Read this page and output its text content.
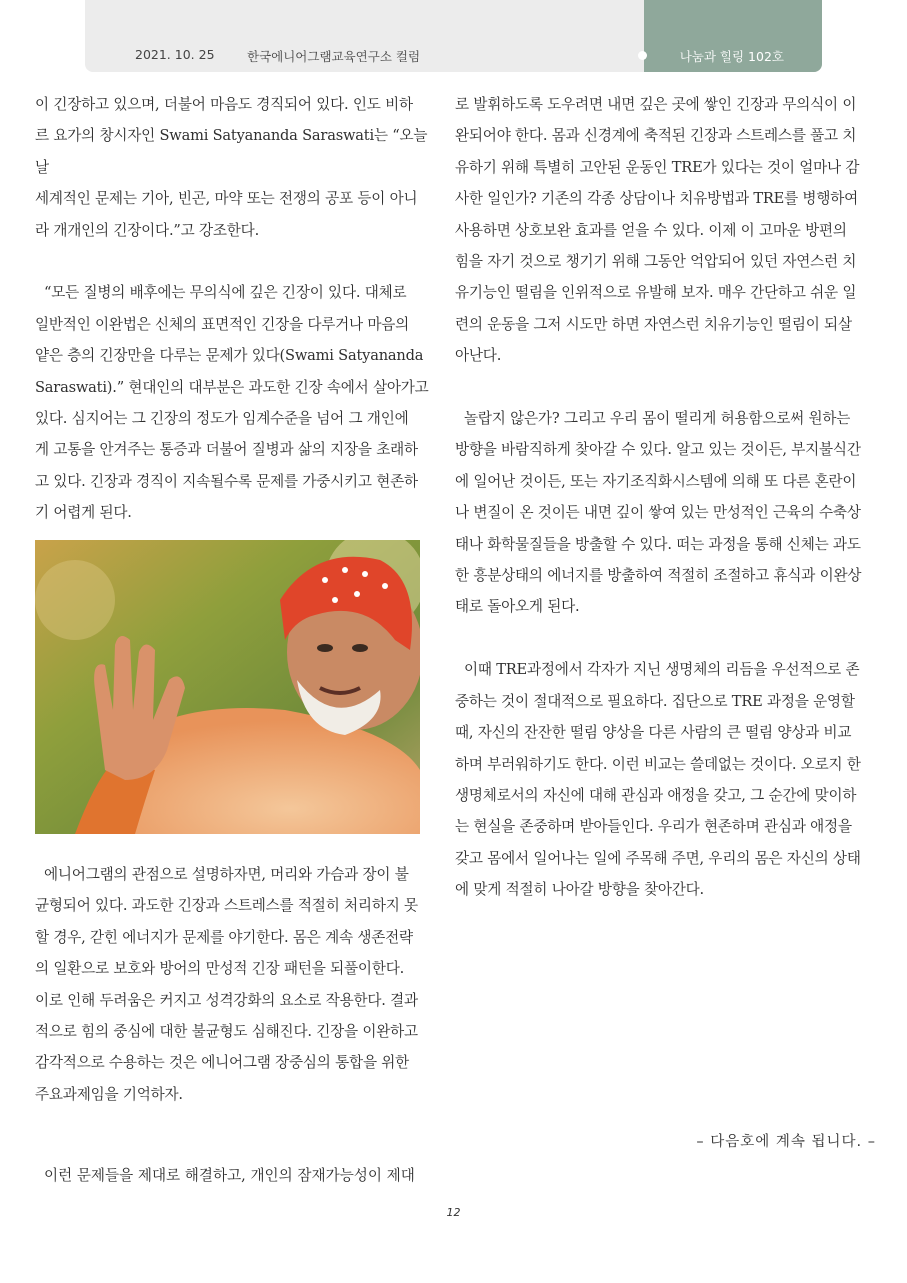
2021. 10. 25	한국에니어그램교육연구소 컬럼	나눔과 힐링 102호

이 긴장하고 있으며, 더불어 마음도 경직되어 있다. 인도 비하

르 요가의 창시자인 Swami Satyananda Saraswati는 “오늘날

세계적인 문제는 기아, 빈곤, 마약 또는 전쟁의 공포 등이 아니

라 개개인의 긴장이다.”고 강조한다.

“모든 질병의 배후에는 무의식에 깊은 긴장이 있다. 대체로

일반적인 이완법은 신체의 표면적인 긴장을 다루거나 마음의

얕은 층의 긴장만을 다루는 문제가 있다(Swami Satyananda

Saraswati).” 현대인의 대부분은 과도한 긴장 속에서 살아가고

있다. 심지어는 그 긴장의 정도가 임계수준을 넘어 그 개인에

게 고통을 안겨주는 통증과 더불어 질병과 삶의 지장을 초래하

고 있다. 긴장과 경직이 지속될수록 문제를 가중시키고 현존하

기 어렵게 된다.

에니어그램의 관점으로 설명하자면, 머리와 가슴과 장이 불

균형되어 있다. 과도한 긴장과 스트레스를 적절히 처리하지 못

할 경우, 갇힌 에너지가 문제를 야기한다. 몸은 계속 생존전략

의 일환으로 보호와 방어의 만성적 긴장 패턴을 되풀이한다.

이로 인해 두려움은 커지고 성격강화의 요소로 작용한다. 결과

적으로 힘의 중심에 대한 불균형도 심해진다. 긴장을 이완하고

감각적으로 수용하는 것은 에니어그램 장중심의 통합을 위한

주요과제임을 기억하자.

로 발휘하도록 도우려면 내면 깊은 곳에 쌓인 긴장과 무의식이 이

완되어야 한다. 몸과 신경계에 축적된 긴장과 스트레스를 풀고 치

유하기 위해 특별히 고안된 운동인 TRE가 있다는 것이 얼마나 감

사한 일인가? 기존의 각종 상담이나 치유방법과 TRE를 병행하여

사용하면 상호보완 효과를 얻을 수 있다. 이제 이 고마운 방편의

힘을 자기 것으로 챙기기 위해 그동안 억압되어 있던 자연스런 치

유기능인 떨림을 인위적으로 유발해 보자. 매우 간단하고 쉬운 일

련의 운동을 그저 시도만 하면 자연스런 치유기능인 떨림이 되살

아난다.

놀랍지 않은가? 그리고 우리 몸이 떨리게 허용함으로써 원하는

방향을 바람직하게 찾아갈 수 있다. 알고 있는 것이든, 부지불식간

에 일어난 것이든, 또는 자기조직화시스템에 의해 또 다른 혼란이

나 변질이 온 것이든 내면 깊이 쌓여 있는 만성적인 근육의 수축상

태나 화학물질들을 방출할 수 있다. 떠는 과정을 통해 신체는 과도

한 흥분상태의 에너지를 방출하여 적절히 조절하고 휴식과 이완상

태로 돌아오게 된다.

이때 TRE과정에서 각자가 지닌 생명체의 리듬을 우선적으로 존

중하는 것이 절대적으로 필요하다. 집단으로 TRE 과정을 운영할

때, 자신의 잔잔한 떨림 양상을 다른 사람의 큰 떨림 양상과 비교

하며 부러워하기도 한다. 이런 비교는 쓸데없는 것이다. 오로지 한

생명체로서의 자신에 대해 관심과 애정을 갖고, 그 순간에 맞이하

는 현실을 존중하며 받아들인다. 우리가 현존하며 관심과 애정을

갖고 몸에서 일어나는 일에 주목해 주면, 우리의 몸은 자신의 상태

에 맞게 적절히 나아갈 방향을 찾아간다.

– 다음호에 계속 됩니다. –
이런 문제들을 제대로 해결하고, 개인의 잠재가능성이 제대
12
